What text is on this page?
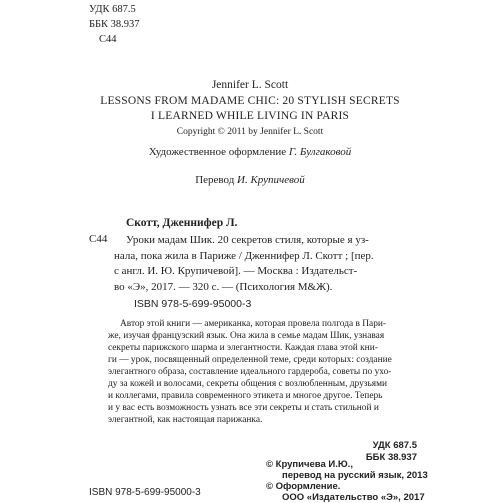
УДК 687.5
ББК 38.937
С44
Jennifer L. Scott
LESSONS FROM MADAME CHIC: 20 STYLISH SECRETS
I LEARNED WHILE LIVING IN PARIS
Copyright © 2011 by Jennifer L. Scott
Художественное оформление Г. Булгаковой
Перевод И. Крупичевой
Скотт, Дженнифер Л.
С44 Уроки мадам Шик. 20 секретов стиля, которые я уз-
нала, пока жила в Париже / Дженнифер Л. Скотт ; [пер.
с англ. И. Ю. Крупичевой]. — Москва : Издательст-
во «Э», 2017. — 320 с. — (Психология М&Ж).
ISBN 978-5-699-95000-3
Автор этой книги — американка, которая провела полгода в Пари-
же, изучая французский язык. Она жила в семье мадам Шик, узнавая
секреты парижского шарма и элегантности. Каждая глава этой кни-
ги — урок, посвященный определенной теме, среди которых: создание
элегантного образа, составление идеального гардероба, советы по ухо-
ду за кожей и волосами, секреты общения с возлюбленным, друзьями
и коллегами, правила современного этикета и многое другое. Теперь
и у вас есть возможность узнать все эти секреты и стать стильной и
элегантной, как настоящая парижанка.
УДК 687.5
ББК 38.937
© Крупичева И.Ю.,
перевод на русский язык, 2013
© Оформление.
ООО «Издательство «Э», 2017
ISBN 978-5-699-95000-3
